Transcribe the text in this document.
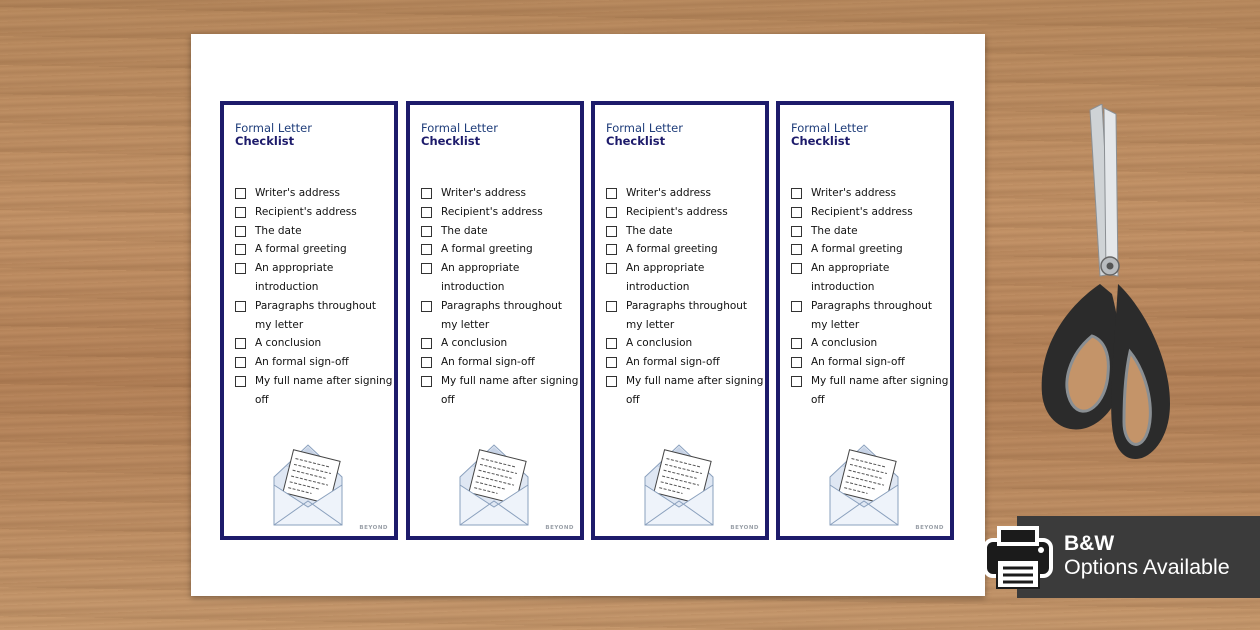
Formal Letter
Checklist
Writer's address
Recipient's address
The date
A formal greeting
An appropriate introduction
Paragraphs throughout my letter
A conclusion
An formal sign-off
My full name after signing off
BEYOND
Formal Letter
Checklist
Writer's address
Recipient's address
The date
A formal greeting
An appropriate introduction
Paragraphs throughout my letter
A conclusion
An formal sign-off
My full name after signing off
BEYOND
Formal Letter
Checklist
Writer's address
Recipient's address
The date
A formal greeting
An appropriate introduction
Paragraphs throughout my letter
A conclusion
An formal sign-off
My full name after signing off
BEYOND
Formal Letter
Checklist
Writer's address
Recipient's address
The date
A formal greeting
An appropriate introduction
Paragraphs throughout my letter
A conclusion
An formal sign-off
My full name after signing off
BEYOND
B&W
Options Available
